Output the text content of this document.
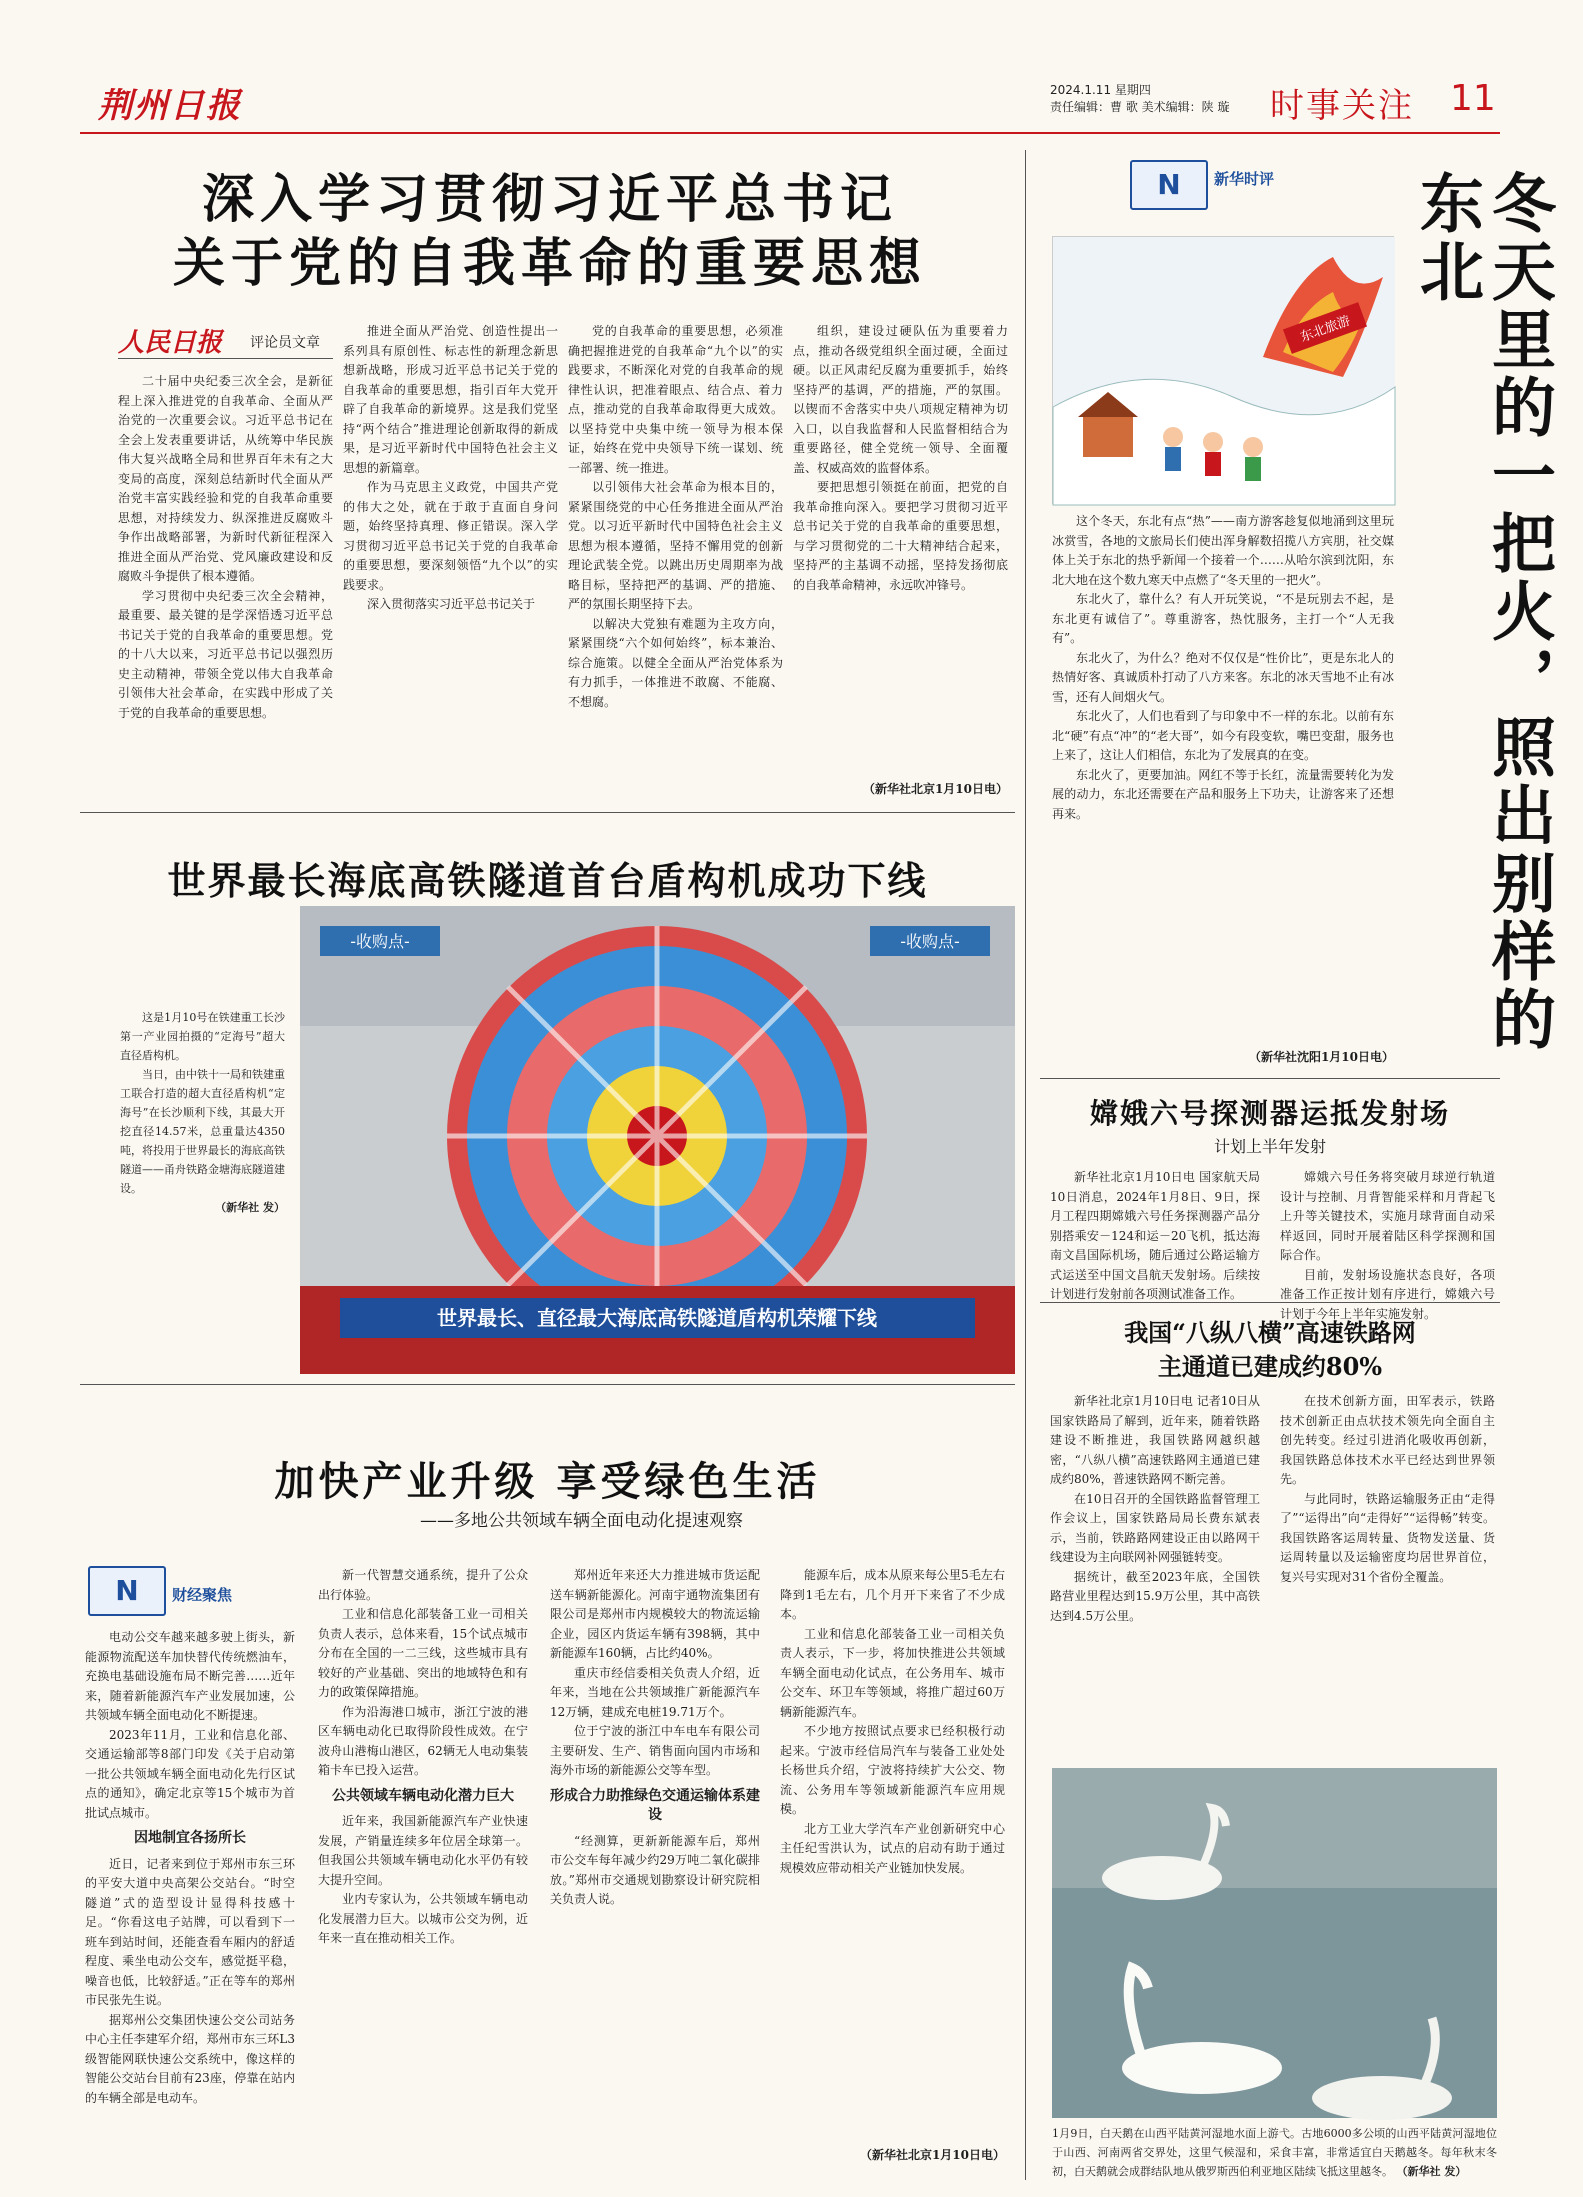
荆州日报	2024.1.11 星期四
责任编辑：曹 歌 美术编辑：陕 璇 时事关注 11
深入学习贯彻习近平总书记
关于党的自我革命的重要思想
人民日报 评论员文章

二十届中央纪委三次全会，是新征程上深入推进党的自我革命、全面从严治党的一次重要会议。习近平总书记在全会上发表重要讲话，从统筹中华民族伟大复兴战略全局和世界百年未有之大变局的高度，深刻总结新时代全面从严治党丰富实践经验和党的自我革命重要思想，对持续发力、纵深推进反腐败斗争作出战略部署，为新时代新征程深入推进全面从严治党、党风廉政建设和反腐败斗争提供了根本遵循。

学习贯彻中央纪委三次全会精神，最重要、最关键的是学深悟透习近平总书记关于党的自我革命的重要思想。党的十八大以来，习近平总书记以强烈历史主动精神，带领全党以伟大自我革命引领伟大社会革命，在实践中形成了关于党的自我革命的重要思想。

推进全面从严治党、创造性提出一系列具有原创性、标志性的新理念新思想新战略，形成习近平总书记关于党的自我革命的重要思想，指引百年大党开辟了自我革命的新境界。这是我们党坚持“两个结合”推进理论创新取得的新成果，是习近平新时代中国特色社会主义思想的新篇章。

作为马克思主义政党，中国共产党的伟大之处，就在于敢于直面自身问题，始终坚持真理、修正错误。深入学习贯彻习近平总书记关于党的自我革命的重要思想，要深刻领悟“九个以”的实践要求。

深入贯彻落实习近平总书记关于

党的自我革命的重要思想，必须准确把握推进党的自我革命“九个以”的实践要求，不断深化对党的自我革命的规律性认识，把准着眼点、结合点、着力点，推动党的自我革命取得更大成效。以坚持党中央集中统一领导为根本保证，始终在党中央领导下统一谋划、统一部署、统一推进。

以引领伟大社会革命为根本目的，紧紧围绕党的中心任务推进全面从严治党。以习近平新时代中国特色社会主义思想为根本遵循，坚持不懈用党的创新理论武装全党。以跳出历史周期率为战略目标，坚持把严的基调、严的措施、严的氛围长期坚持下去。

以解决大党独有难题为主攻方向，紧紧围绕“六个如何始终”，标本兼治、综合施策。以健全全面从严治党体系为有力抓手，一体推进不敢腐、不能腐、不想腐。

组织，建设过硬队伍为重要着力点，推动各级党组织全面过硬，全面过硬。以正风肃纪反腐为重要抓手，始终坚持严的基调，严的措施，严的氛围。以锲而不舍落实中央八项规定精神为切入口，以自我监督和人民监督相结合为重要路径，健全党统一领导、全面覆盖、权威高效的监督体系。

要把思想引领挺在前面，把党的自我革命推向深入。要把学习贯彻习近平总书记关于党的自我革命的重要思想，与学习贯彻党的二十大精神结合起来，坚持严的主基调不动摇，坚持发扬彻底的自我革命精神，永远吹冲锋号。

（新华社北京1月10日电）
世界最长海底高铁隧道首台盾构机成功下线
-收购点-	-收购点-
世界最长、直径最大海底高铁隧道盾构机荣耀下线

这是1月10号在铁建重工长沙第一产业园拍摄的“定海号”超大直径盾构机。

当日，由中铁十一局和铁建重工联合打造的超大直径盾构机“定海号”在长沙顺利下线，其最大开挖直径14.57米，总重量达4350吨，将投用于世界最长的海底高铁隧道——甬舟铁路金塘海底隧道建设。

（新华社 发）

加快产业升级 享受绿色生活
——多地公共领域车辆全面电动化提速观察
N	财经聚焦

电动公交车越来越多驶上街头，新能源物流配送车加快替代传统燃油车，充换电基础设施布局不断完善……近年来，随着新能源汽车产业发展加速，公共领域车辆全面电动化不断提速。

2023年11月，工业和信息化部、交通运输部等8部门印发《关于启动第一批公共领域车辆全面电动化先行区试点的通知》，确定北京等15个城市为首批试点城市。

因地制宜各扬所长

近日，记者来到位于郑州市东三环的平安大道中央高架公交站台。“时空隧道”式的造型设计显得科技感十足。“你看这电子站牌，可以看到下一班车到站时间，还能查看车厢内的舒适程度、乘坐电动公交车，感觉挺平稳，噪音也低，比较舒适。”正在等车的郑州市民张先生说。

据郑州公交集团快速公交公司站务中心主任李建军介绍，郑州市东三环L3级智能网联快速公交系统中，像这样的智能公交站台目前有23座，停靠在站内的车辆全部是电动车。

新一代智慧交通系统，提升了公众出行体验。

工业和信息化部装备工业一司相关负责人表示，总体来看，15个试点城市分布在全国的一二三线，这些城市具有较好的产业基础、突出的地域特色和有力的政策保障措施。

作为沿海港口城市，浙江宁波的港区车辆电动化已取得阶段性成效。在宁波舟山港梅山港区，62辆无人电动集装箱卡车已投入运营。

公共领域车辆电动化潜力巨大

近年来，我国新能源汽车产业快速发展，产销量连续多年位居全球第一。但我国公共领域车辆电动化水平仍有较大提升空间。

业内专家认为，公共领域车辆电动化发展潜力巨大。以城市公交为例，近年来一直在推动相关工作。

郑州近年来还大力推进城市货运配送车辆新能源化。河南宇通物流集团有限公司是郑州市内规模较大的物流运输企业，园区内货运车辆有398辆，其中新能源车160辆，占比约40%。

重庆市经信委相关负责人介绍，近年来，当地在公共领域推广新能源汽车12万辆，建成充电桩19.71万个。

位于宁波的浙江中车电车有限公司主要研发、生产、销售面向国内市场和海外市场的新能源公交等车型。

形成合力助推绿色交通运输体系建设

“经测算，更新新能源车后，郑州市公交车每年减少约29万吨二氧化碳排放。”郑州市交通规划勘察设计研究院相关负责人说。

能源车后，成本从原来每公里5毛左右降到1毛左右，几个月开下来省了不少成本。

工业和信息化部装备工业一司相关负责人表示，下一步，将加快推进公共领域车辆全面电动化试点，在公务用车、城市公交车、环卫车等领域，将推广超过60万辆新能源汽车。

不少地方按照试点要求已经积极行动起来。宁波市经信局汽车与装备工业处处长杨世兵介绍，宁波将持续扩大公交、物流、公务用车等领域新能源汽车应用规模。

北方工业大学汽车产业创新研究中心主任纪雪洪认为，试点的启动有助于通过规模效应带动相关产业链加快发展。

（新华社北京1月10日电）
N	新华时评	冬天里的一把火，照出别样的东北
东北旅游

这个冬天，东北有点“热”——南方游客趁复似地涌到这里玩冰赏雪，各地的文旅局长们使出浑身解数招揽八方宾朋，社交媒体上关于东北的热乎新闻一个接着一个……从哈尔滨到沈阳，东北大地在这个数九寒天中点燃了“冬天里的一把火”。

东北火了，靠什么？有人开玩笑说，“不是玩别去不起，是东北更有诚信了”。尊重游客，热忱服务，主打一个“人无我有”。

东北火了，为什么？绝对不仅仅是“性价比”，更是东北人的热情好客、真诚质朴打动了八方来客。东北的冰天雪地不止有冰雪，还有人间烟火气。

东北火了，人们也看到了与印象中不一样的东北。以前有东北“硬”有点“冲”的“老大哥”，如今有段变软，嘴巴变甜，服务也上来了，这让人们相信，东北为了发展真的在变。

东北火了，更要加油。网红不等于长红，流量需要转化为发展的动力，东北还需要在产品和服务上下功夫，让游客来了还想再来。

（新华社沈阳1月10日电）
嫦娥六号探测器运抵发射场
计划上半年发射

新华社北京1月10日电 国家航天局10日消息，2024年1月8日、9日，探月工程四期嫦娥六号任务探测器产品分别搭乘安－124和运－20飞机，抵达海南文昌国际机场，随后通过公路运输方式运送至中国文昌航天发射场。后续按计划进行发射前各项测试准备工作。

嫦娥六号任务将突破月球逆行轨道设计与控制、月背智能采样和月背起飞上升等关键技术，实施月球背面自动采样返回，同时开展着陆区科学探测和国际合作。

目前，发射场设施状态良好，各项准备工作正按计划有序进行，嫦娥六号计划于今年上半年实施发射。

我国“八纵八横”高速铁路网
主通道已建成约80%

新华社北京1月10日电 记者10日从国家铁路局了解到，近年来，随着铁路建设不断推进，我国铁路网越织越密，“八纵八横”高速铁路网主通道已建成约80%，普速铁路网不断完善。

在10日召开的全国铁路监督管理工作会议上，国家铁路局局长费东斌表示，当前，铁路路网建设正由以路网干线建设为主向联网补网强链转变。

据统计，截至2023年底，全国铁路营业里程达到15.9万公里，其中高铁达到4.5万公里。

在技术创新方面，田军表示，铁路技术创新正由点状技术领先向全面自主创先转变。经过引进消化吸收再创新，我国铁路总体技术水平已经达到世界领先。

与此同时，铁路运输服务正由“走得了”“运得出”向“走得好”“运得畅”转变。我国铁路客运周转量、货物发送量、货运周转量以及运输密度均居世界首位，复兴号实现对31个省份全覆盖。

1月9日，白天鹅在山西平陆黄河湿地水面上游弋。古地6000多公顷的山西平陆黄河湿地位于山西、河南两省交界处，这里气候湿和，采食丰富，非常适宜白天鹅越冬。每年秋末冬初，白天鹅就会成群结队地从俄罗斯西伯利亚地区陆续飞抵这里越冬。 （新华社 发）
